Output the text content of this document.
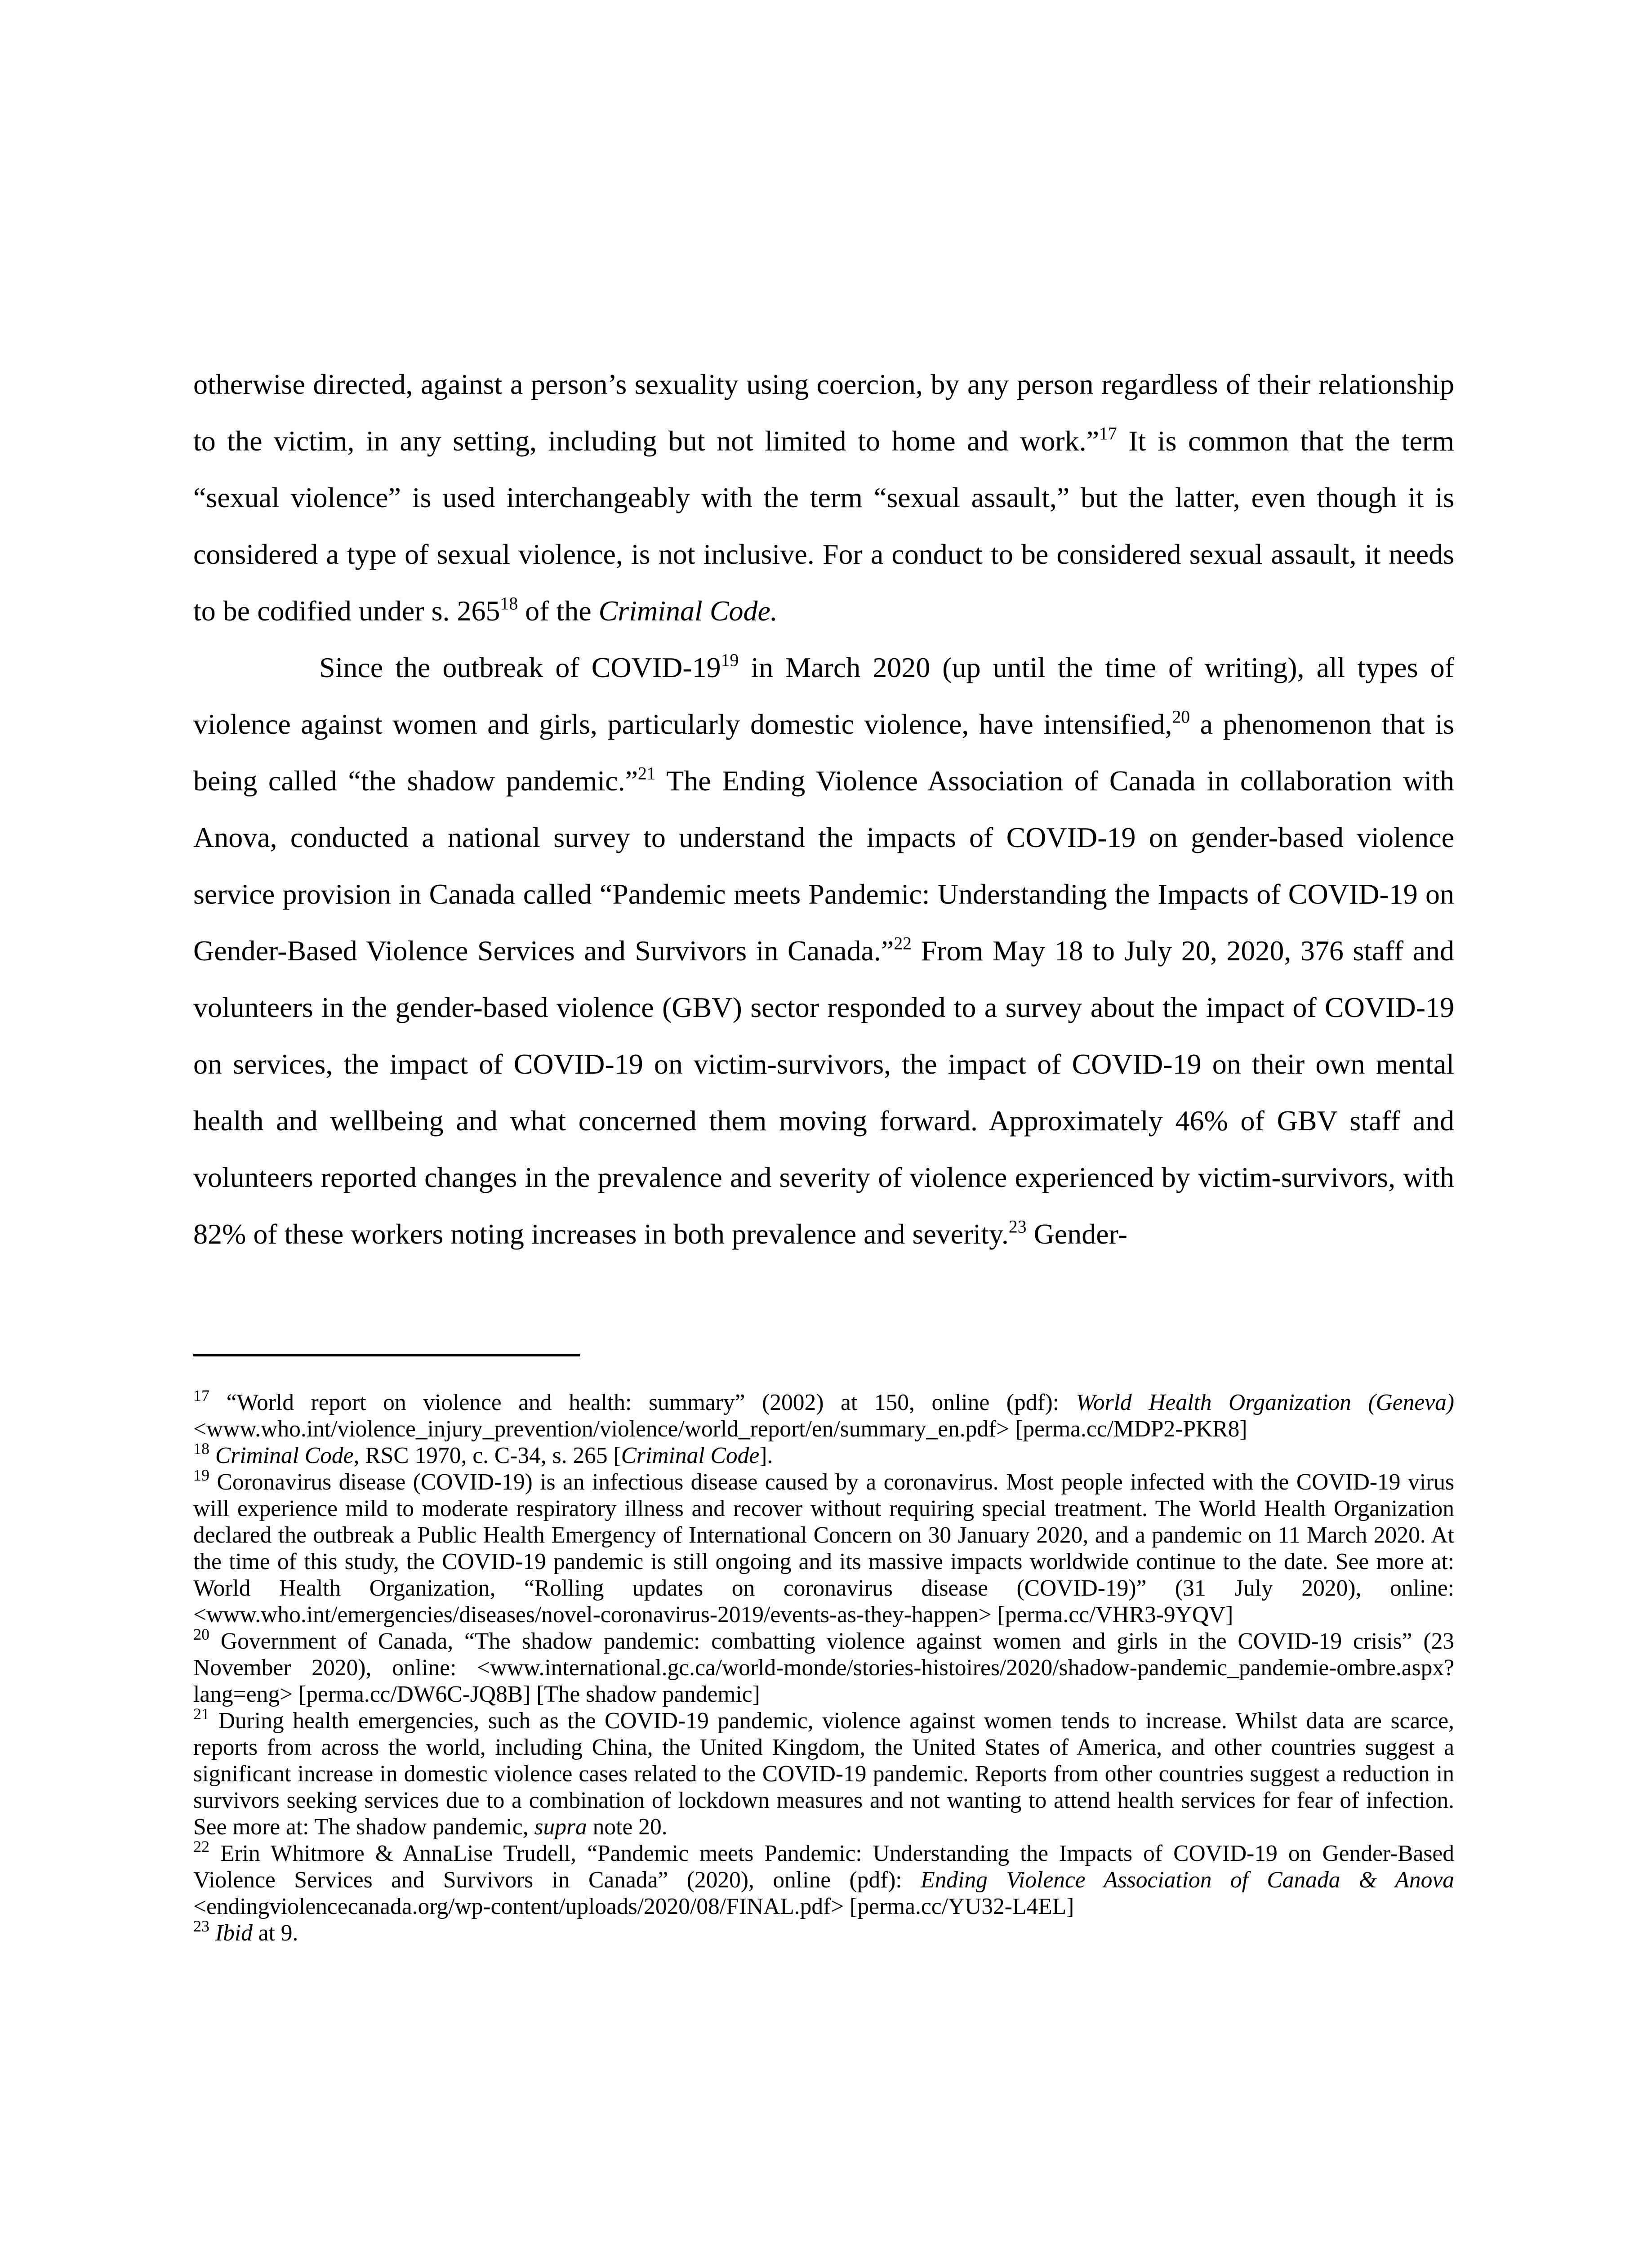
otherwise directed, against a person’s sexuality using coercion, by any person regardless of their relationship to the victim, in any setting, including but not limited to home and work.”$^{17}$ It is common that the term “sexual violence” is used interchangeably with the term “sexual assault,” but the latter, even though it is considered a type of sexual violence, is not inclusive. For a conduct to be considered sexual assault, it needs to be codified under s. $265^{18}$ of the Criminal Code.

Since the outbreak of COVID-$19^{19}$ in March 2020 (up until the time of writing), all types of violence against women and girls, particularly domestic violence, have intensified,$^{20}$ a phenomenon that is being called “the shadow pandemic.”$^{21}$ The Ending Violence Association of Canada in collaboration with Anova, conducted a national survey to understand the impacts of COVID-19 on gender-based violence service provision in Canada called “Pandemic meets Pandemic: Understanding the Impacts of COVID-19 on Gender-Based Violence Services and Survivors in Canada.”$^{22}$ From May 18 to July 20, 2020, 376 staff and volunteers in the gender-based violence (GBV) sector responded to a survey about the impact of COVID-19 on services, the impact of COVID-19 on victim-survivors, the impact of COVID-19 on their own mental health and wellbeing and what concerned them moving forward. Approximately 46% of GBV staff and volunteers reported changes in the prevalence and severity of violence experienced by victim-survivors, with 82% of these workers noting increases in both prevalence and severity.$^{23}$ Gender-

$^{17}$ “World report on violence and health: summary” (2002) at 150, online (pdf): World Health Organization (Geneva) <www.who.int/violence_injury_prevention/violence/world_report/en/summary_en.pdf> [perma.cc/MDP2-PKR8]

$^{18}$ Criminal Code, RSC 1970, c. C-34, s. 265 [Criminal Code].

$^{19}$ Coronavirus disease (COVID-19) is an infectious disease caused by a coronavirus. Most people infected with the COVID-19 virus will experience mild to moderate respiratory illness and recover without requiring special treatment. The World Health Organization declared the outbreak a Public Health Emergency of International Concern on 30 January 2020, and a pandemic on 11 March 2020. At the time of this study, the COVID-19 pandemic is still ongoing and its massive impacts worldwide continue to the date. See more at: World Health Organization, “Rolling updates on coronavirus disease (COVID-19)” (31 July 2020), online: <www.who.int/emergencies/diseases/novel-coronavirus-2019/events-as-they-happen> [perma.cc/VHR3-9YQV]

$^{20}$ Government of Canada, “The shadow pandemic: combatting violence against women and girls in the COVID-19 crisis” (23 November 2020), online: <www.international.gc.ca/world-monde/stories-histoires/2020/shadow-pandemic_pandemie-ombre.aspx?lang=eng> [perma.cc/DW6C-JQ8B] [The shadow pandemic]

$^{21}$ During health emergencies, such as the COVID-19 pandemic, violence against women tends to increase. Whilst data are scarce, reports from across the world, including China, the United Kingdom, the United States of America, and other countries suggest a significant increase in domestic violence cases related to the COVID-19 pandemic. Reports from other countries suggest a reduction in survivors seeking services due to a combination of lockdown measures and not wanting to attend health services for fear of infection. See more at: The shadow pandemic, supra note 20.

$^{22}$ Erin Whitmore & AnnaLise Trudell, “Pandemic meets Pandemic: Understanding the Impacts of COVID-19 on Gender-Based Violence Services and Survivors in Canada” (2020), online (pdf): Ending Violence Association of Canada & Anova <endingviolencecanada.org/wp-content/uploads/2020/08/FINAL.pdf> [perma.cc/YU32-L4EL]

$^{23}$ Ibid at 9.
